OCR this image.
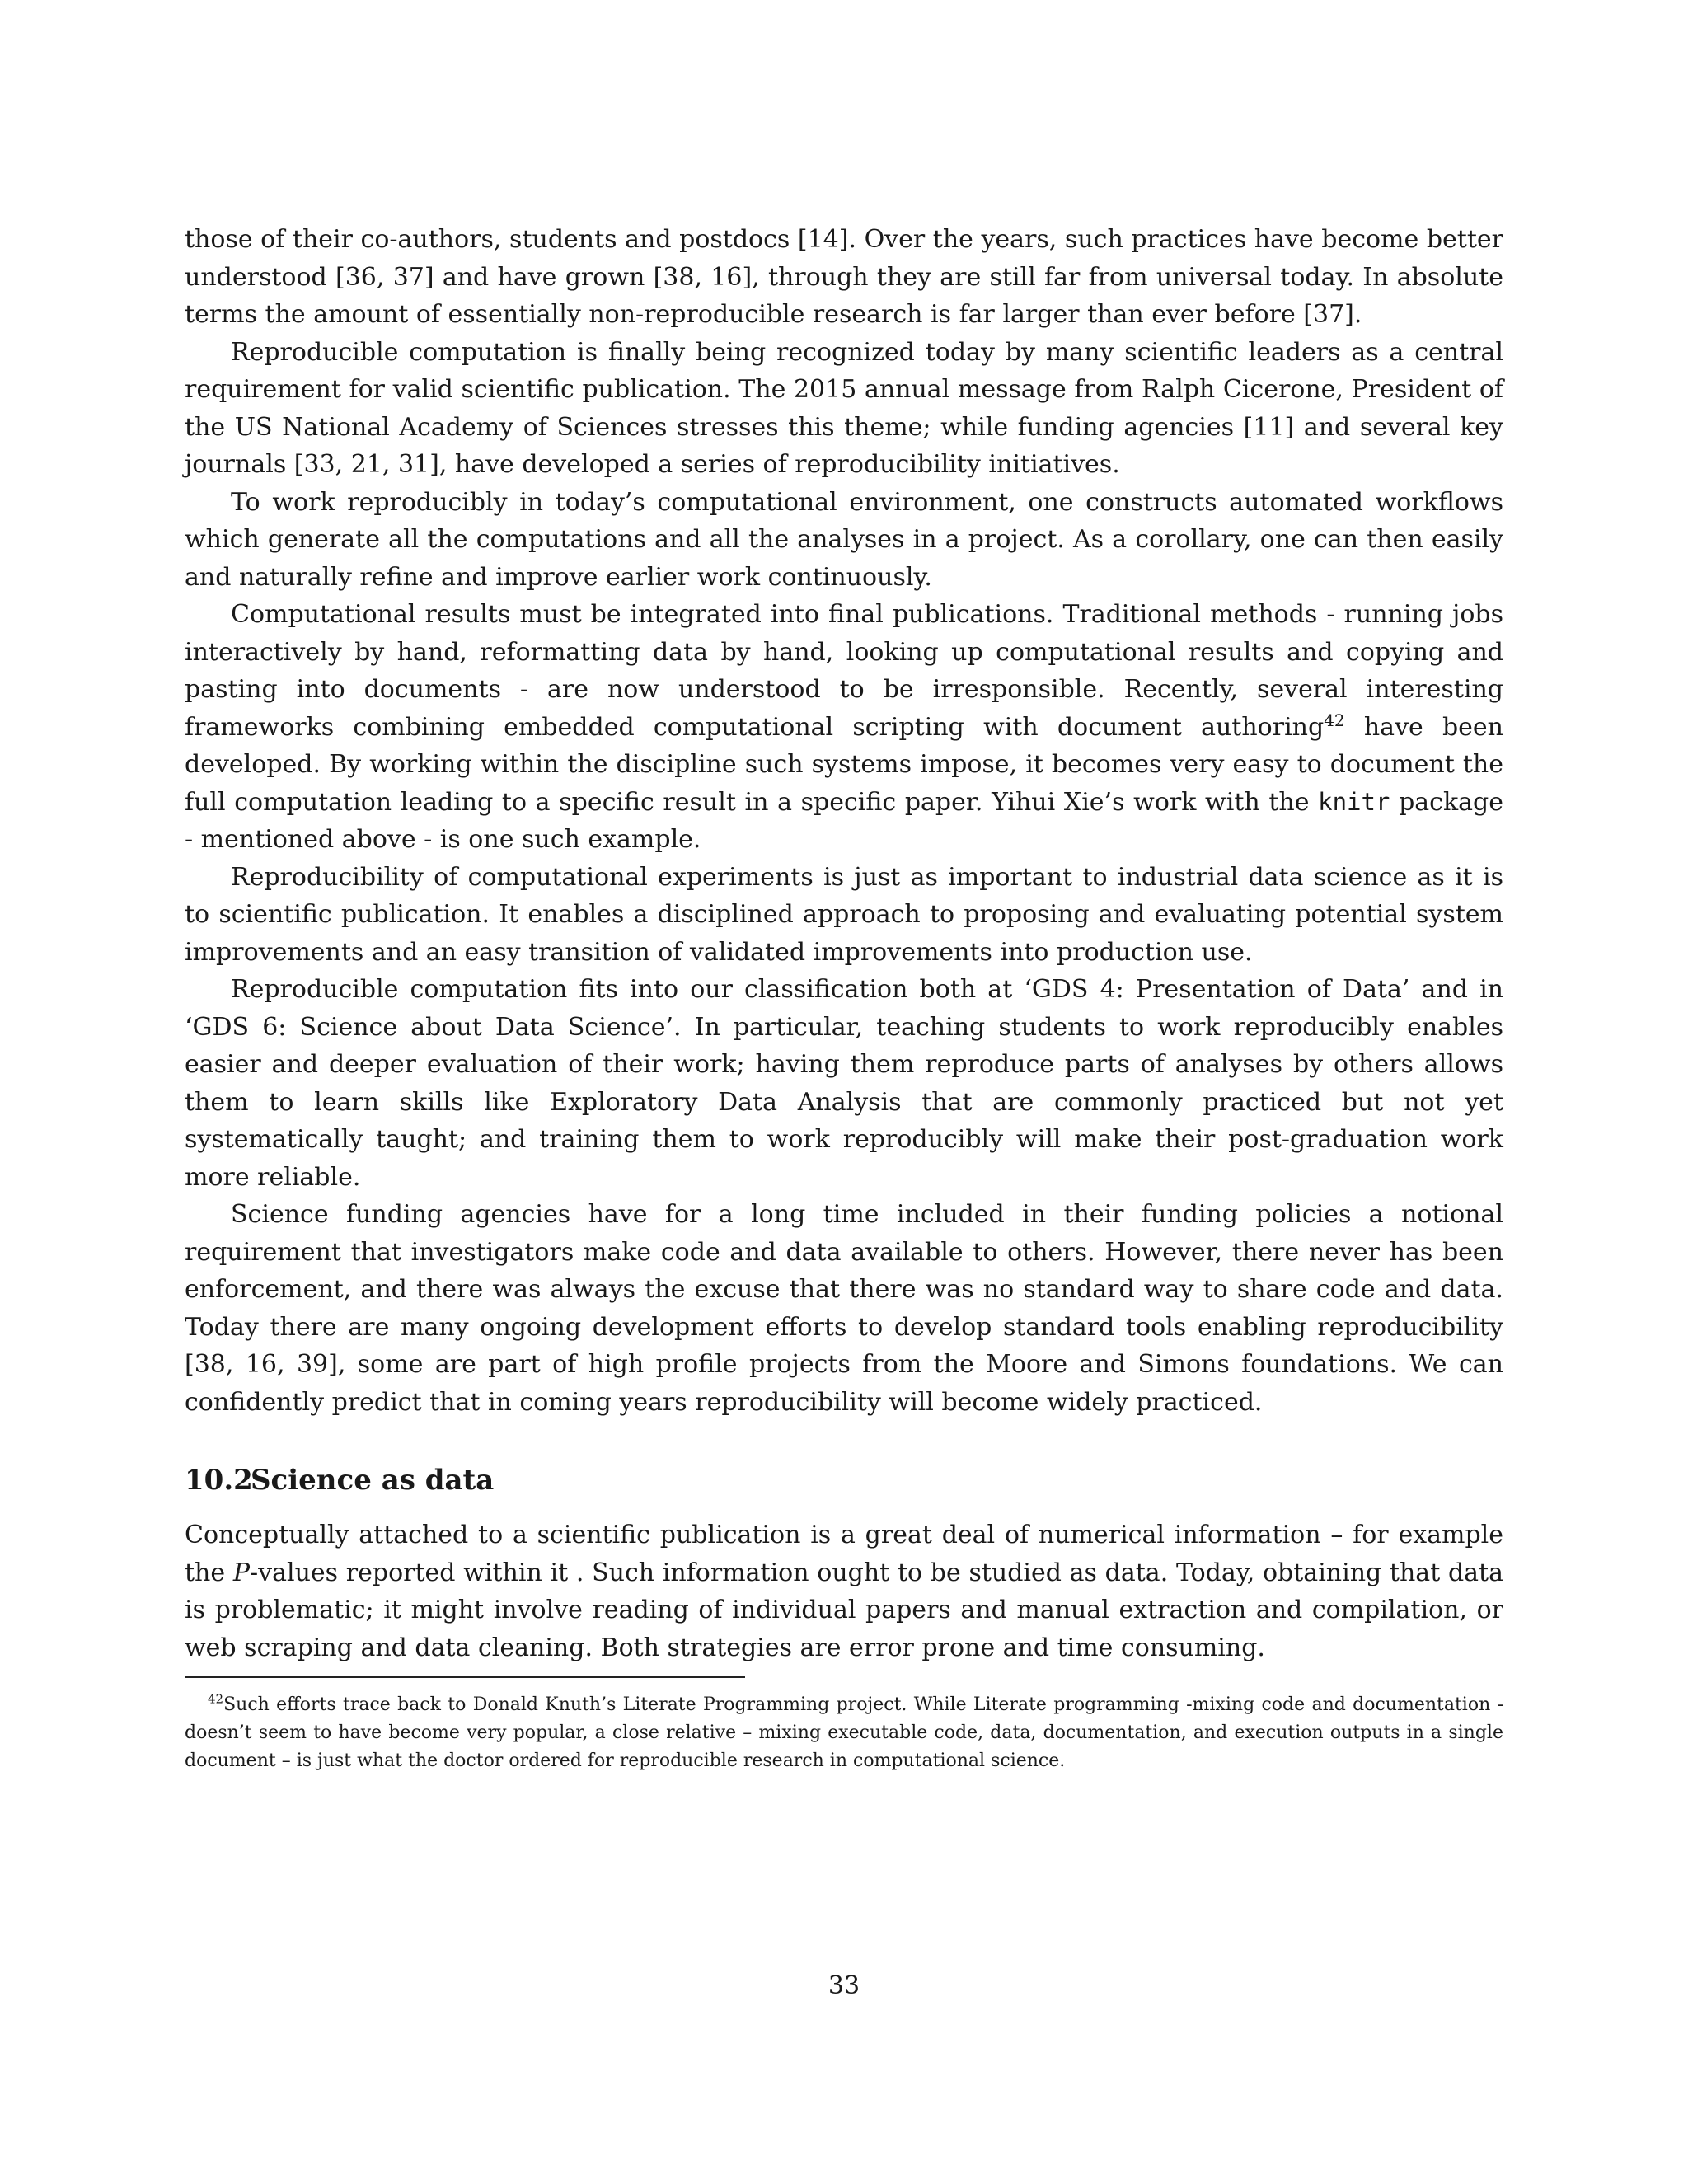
those of their co-authors, students and postdocs [14]. Over the years, such practices have become better understood [36, 37] and have grown [38, 16], through they are still far from universal today. In absolute terms the amount of essentially non-reproducible research is far larger than ever before [37].

Reproducible computation is finally being recognized today by many scientific leaders as a central requirement for valid scientific publication. The 2015 annual message from Ralph Cicerone, President of the US National Academy of Sciences stresses this theme; while funding agencies [11] and several key journals [33, 21, 31], have developed a series of reproducibility initiatives.

To work reproducibly in today’s computational environment, one constructs automated workflows which generate all the computations and all the analyses in a project. As a corollary, one can then easily and naturally refine and improve earlier work continuously.

Computational results must be integrated into final publications. Traditional methods - running jobs interactively by hand, reformatting data by hand, looking up computational results and copying and pasting into documents - are now understood to be irresponsible. Recently, several interesting frameworks combining embedded computational scripting with document authoring$^{42}$ have been developed. By working within the discipline such systems impose, it becomes very easy to document the full computation leading to a specific result in a specific paper. Yihui Xie’s work with the knitr package - mentioned above - is one such example.

Reproducibility of computational experiments is just as important to industrial data science as it is to scientific publication. It enables a disciplined approach to proposing and evaluating potential system improvements and an easy transition of validated improvements into production use.

Reproducible computation fits into our classification both at ‘GDS 4: Presentation of Data’ and in ‘GDS 6: Science about Data Science’. In particular, teaching students to work reproducibly enables easier and deeper evaluation of their work; having them reproduce parts of analyses by others allows them to learn skills like Exploratory Data Analysis that are commonly practiced but not yet systematically taught; and training them to work reproducibly will make their post-graduation work more reliable.

Science funding agencies have for a long time included in their funding policies a notional requirement that investigators make code and data available to others. However, there never has been enforcement, and there was always the excuse that there was no standard way to share code and data. Today there are many ongoing development efforts to develop standard tools enabling reproducibility [38, 16, 39], some are part of high profile projects from the Moore and Simons foundations. We can confidently predict that in coming years reproducibility will become widely practiced.

10.2Science as data

Conceptually attached to a scientific publication is a great deal of numerical information – for example the P-values reported within it . Such information ought to be studied as data. Today, obtaining that data is problematic; it might involve reading of individual papers and manual extraction and compilation, or web scraping and data cleaning. Both strategies are error prone and time consuming.

$^{42}$Such efforts trace back to Donald Knuth’s Literate Programming project. While Literate programming -mixing code and documentation - doesn’t seem to have become very popular, a close relative – mixing executable code, data, documentation, and execution outputs in a single document – is just what the doctor ordered for reproducible research in computational science.

33
